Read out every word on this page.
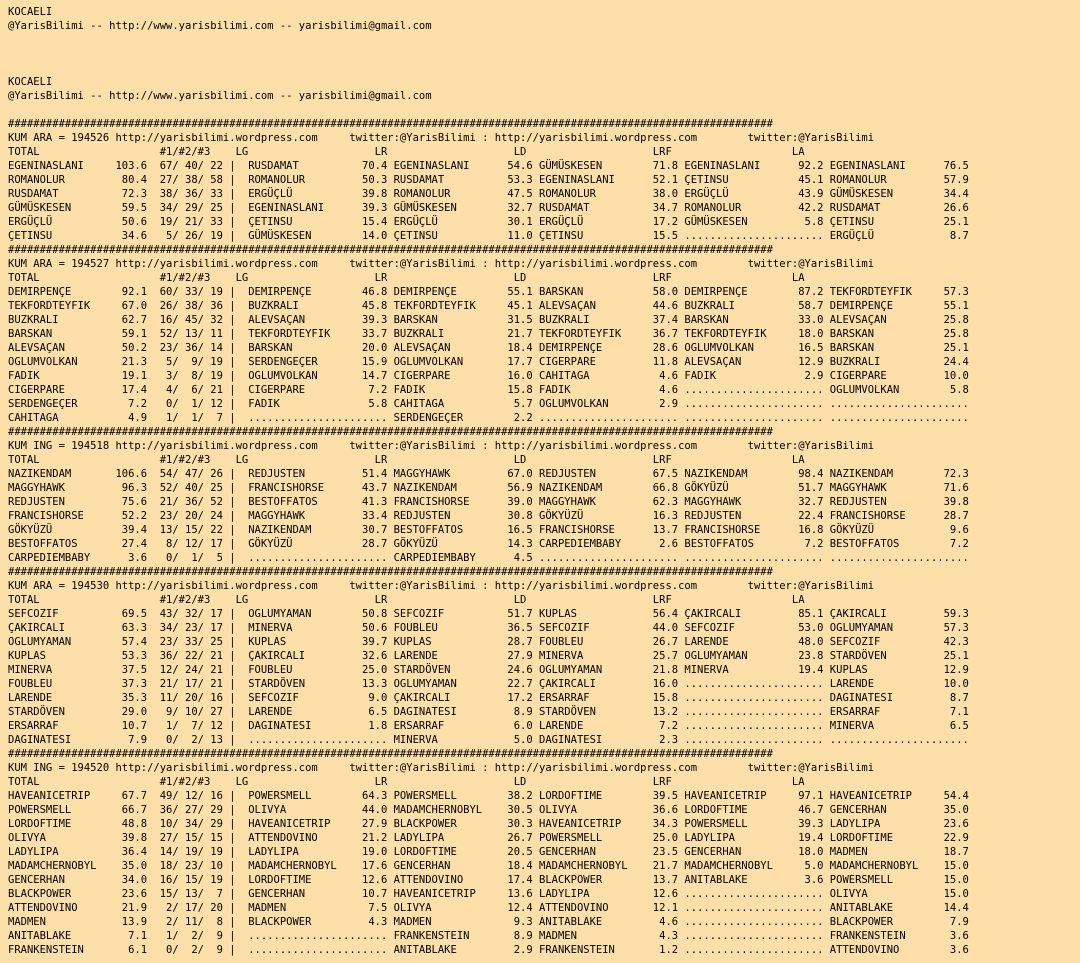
KOCAELI
@YarisBilimi -- http://www.yarisbilimi.com -- yarisbilimi@gmail.com
KOCAELI
@YarisBilimi -- http://www.yarisbilimi.com -- yarisbilimi@gmail.com
#########################################################################################################################
KUM ARA = 194526 http://yarisbilimi.wordpress.com     twitter:@YarisBilimi : http://yarisbilimi.wordpress.com        twitter:@YarisBilimi
TOTAL                   #1/#2/#3    LG                    LR                    LD                    LRF                   LA
EGENINASLANI     103.6  67/ 40/ 22 |  RUSDAMAT          70.4 EGENINASLANI      54.6 GÜMÜSKESEN        71.8 EGENINASLANI      92.2 EGENINASLANI      76.5
ROMANOLUR         80.4  27/ 38/ 58 |  ROMANOLUR         50.3 RUSDAMAT          53.3 EGENINASLANI      52.1 ÇETINSU           45.1 ROMANOLUR         57.9
RUSDAMAT          72.3  38/ 36/ 33 |  ERGÜÇLÜ           39.8 ROMANOLUR         47.5 ROMANOLUR         38.0 ERGÜÇLÜ           43.9 GÜMÜSKESEN        34.4
GÜMÜSKESEN        59.5  34/ 29/ 25 |  EGENINASLANI      39.3 GÜMÜSKESEN        32.7 RUSDAMAT          34.7 ROMANOLUR         42.2 RUSDAMAT          26.6
ERGÜÇLÜ           50.6  19/ 21/ 33 |  ÇETINSU           15.4 ERGÜÇLÜ           30.1 ERGÜÇLÜ           17.2 GÜMÜSKESEN         5.8 ÇETINSU           25.1
ÇETINSU           34.6   5/ 26/ 19 |  GÜMÜSKESEN        14.0 ÇETINSU           11.0 ÇETINSU           15.5 ...................... ERGÜÇLÜ            8.7
#########################################################################################################################
KUM ARA = 194527 http://yarisbilimi.wordpress.com     twitter:@YarisBilimi : http://yarisbilimi.wordpress.com        twitter:@YarisBilimi
TOTAL                   #1/#2/#3    LG                    LR                    LD                    LRF                   LA
DEMIRPENÇE        92.1  60/ 33/ 19 |  DEMIRPENÇE        46.8 DEMIRPENÇE        55.1 BARSKAN           58.0 DEMIRPENÇE        87.2 TEKFORDTEYFIK     57.3
TEKFORDTEYFIK     67.0  26/ 38/ 36 |  BUZKRALI          45.8 TEKFORDTEYFIK     45.1 ALEVSAÇAN         44.6 BUZKRALI          58.7 DEMIRPENÇE        55.1
BUZKRALI          62.7  16/ 45/ 32 |  ALEVSAÇAN         39.3 BARSKAN           31.5 BUZKRALI          37.4 BARSKAN           33.0 ALEVSAÇAN         25.8
BARSKAN           59.1  52/ 13/ 11 |  TEKFORDTEYFIK     33.7 BUZKRALI          21.7 TEKFORDTEYFIK     36.7 TEKFORDTEYFIK     18.0 BARSKAN           25.8
ALEVSAÇAN         50.2  23/ 36/ 14 |  BARSKAN           20.0 ALEVSAÇAN         18.4 DEMIRPENÇE        28.6 OGLUMVOLKAN       16.5 BARSKAN           25.1
OGLUMVOLKAN       21.3   5/  9/ 19 |  SERDENGEÇER       15.9 OGLUMVOLKAN       17.7 CIGERPARE         11.8 ALEVSAÇAN         12.9 BUZKRALI          24.4
FADIK             19.1   3/  8/ 19 |  OGLUMVOLKAN       14.7 CIGERPARE         16.0 CAHITAGA           4.6 FADIK              2.9 CIGERPARE         10.0
CIGERPARE         17.4   4/  6/ 21 |  CIGERPARE          7.2 FADIK             15.8 FADIK              4.6 ...................... OGLUMVOLKAN        5.8
SERDENGEÇER        7.2   0/  1/ 12 |  FADIK              5.8 CAHITAGA           5.7 OGLUMVOLKAN        2.9 ...................... ......................
CAHITAGA           4.9   1/  1/  7 |  ...................... SERDENGEÇER        2.2 ...................... ...................... ......................
#########################################################################################################################
KUM ING = 194518 http://yarisbilimi.wordpress.com     twitter:@YarisBilimi : http://yarisbilimi.wordpress.com        twitter:@YarisBilimi
TOTAL                   #1/#2/#3    LG                    LR                    LD                    LRF                   LA
NAZIKENDAM       106.6  54/ 47/ 26 |  REDJUSTEN         51.4 MAGGYHAWK         67.0 REDJUSTEN         67.5 NAZIKENDAM        98.4 NAZIKENDAM        72.3
MAGGYHAWK         96.3  52/ 40/ 25 |  FRANCISHORSE      43.7 NAZIKENDAM        56.9 NAZIKENDAM        66.8 GÖKYÜZÜ           51.7 MAGGYHAWK         71.6
REDJUSTEN         75.6  21/ 36/ 52 |  BESTOFFATOS       41.3 FRANCISHORSE      39.0 MAGGYHAWK         62.3 MAGGYHAWK         32.7 REDJUSTEN         39.8
FRANCISHORSE      52.2  23/ 20/ 24 |  MAGGYHAWK         33.4 REDJUSTEN         30.8 GÖKYÜZÜ           16.3 REDJUSTEN         22.4 FRANCISHORSE      28.7
GÖKYÜZÜ           39.4  13/ 15/ 22 |  NAZIKENDAM        30.7 BESTOFFATOS       16.5 FRANCISHORSE      13.7 FRANCISHORSE      16.8 GÖKYÜZÜ            9.6
BESTOFFATOS       27.4   8/ 12/ 17 |  GÖKYÜZÜ           28.7 GÖKYÜZÜ           14.3 CARPEDIEMBABY      2.6 BESTOFFATOS        7.2 BESTOFFATOS        7.2
CARPEDIEMBABY      3.6   0/  1/  5 |  ...................... CARPEDIEMBABY      4.5 ...................... ...................... ......................
#########################################################################################################################
KUM ARA = 194530 http://yarisbilimi.wordpress.com     twitter:@YarisBilimi : http://yarisbilimi.wordpress.com        twitter:@YarisBilimi
TOTAL                   #1/#2/#3    LG                    LR                    LD                    LRF                   LA
SEFCOZIF          69.5  43/ 32/ 17 |  OGLUMYAMAN        50.8 SEFCOZIF          51.7 KUPLAS            56.4 ÇAKIRCALI         85.1 ÇAKIRCALI         59.3
ÇAKIRCALI         63.3  34/ 23/ 17 |  MINERVA           50.6 FOUBLEU           36.5 SEFCOZIF          44.0 SEFCOZIF          53.0 OGLUMYAMAN        57.3
OGLUMYAMAN        57.4  23/ 33/ 25 |  KUPLAS            39.7 KUPLAS            28.7 FOUBLEU           26.7 LARENDE           48.0 SEFCOZIF          42.3
KUPLAS            53.3  36/ 22/ 21 |  ÇAKIRCALI         32.6 LARENDE           27.9 MINERVA           25.7 OGLUMYAMAN        23.8 STARDÖVEN         25.1
MINERVA           37.5  12/ 24/ 21 |  FOUBLEU           25.0 STARDÖVEN         24.6 OGLUMYAMAN        21.8 MINERVA           19.4 KUPLAS            12.9
FOUBLEU           37.3  21/ 17/ 21 |  STARDÖVEN         13.3 OGLUMYAMAN        22.7 ÇAKIRCALI         16.0 ...................... LARENDE           10.0
LARENDE           35.3  11/ 20/ 16 |  SEFCOZIF           9.0 ÇAKIRCALI         17.2 ERSARRAF          15.8 ...................... DAGINATESI         8.7
STARDÖVEN         29.0   9/ 10/ 27 |  LARENDE            6.5 DAGINATESI         8.9 STARDÖVEN         13.2 ...................... ERSARRAF           7.1
ERSARRAF          10.7   1/  7/ 12 |  DAGINATESI         1.8 ERSARRAF           6.0 LARENDE            7.2 ...................... MINERVA            6.5
DAGINATESI         7.9   0/  2/ 13 |  ...................... MINERVA            5.0 DAGINATESI         2.3 ...................... ......................
#########################################################################################################################
KUM ING = 194520 http://yarisbilimi.wordpress.com     twitter:@YarisBilimi : http://yarisbilimi.wordpress.com        twitter:@YarisBilimi
TOTAL                   #1/#2/#3    LG                    LR                    LD                    LRF                   LA
HAVEANICETRIP     67.7  49/ 12/ 16 |  POWERSMELL        64.3 POWERSMELL        38.2 LORDOFTIME        39.5 HAVEANICETRIP     97.1 HAVEANICETRIP     54.4
POWERSMELL        66.7  36/ 27/ 29 |  OLIVYA            44.0 MADAMCHERNOBYL    30.5 OLIVYA            36.6 LORDOFTIME        46.7 GENCERHAN         35.0
LORDOFTIME        48.8  10/ 34/ 29 |  HAVEANICETRIP     27.9 BLACKPOWER        30.3 HAVEANICETRIP     34.3 POWERSMELL        39.3 LADYLIPA          23.6
OLIVYA            39.8  27/ 15/ 15 |  ATTENDOVINO       21.2 LADYLIPA          26.7 POWERSMELL        25.0 LADYLIPA          19.4 LORDOFTIME        22.9
LADYLIPA          36.4  14/ 19/ 19 |  LADYLIPA          19.0 LORDOFTIME        20.5 GENCERHAN         23.5 GENCERHAN         18.0 MADMEN            18.7
MADAMCHERNOBYL    35.0  18/ 23/ 10 |  MADAMCHERNOBYL    17.6 GENCERHAN         18.4 MADAMCHERNOBYL    21.7 MADAMCHERNOBYL     5.0 MADAMCHERNOBYL    15.0
GENCERHAN         34.0  16/ 15/ 19 |  LORDOFTIME        12.6 ATTENDOVINO       17.4 BLACKPOWER        13.7 ANITABLAKE         3.6 POWERSMELL        15.0
BLACKPOWER        23.6  15/ 13/  7 |  GENCERHAN         10.7 HAVEANICETRIP     13.6 LADYLIPA          12.6 ...................... OLIVYA            15.0
ATTENDOVINO       21.9   2/ 17/ 20 |  MADMEN             7.5 OLIVYA            12.4 ATTENDOVINO       12.1 ...................... ANITABLAKE        14.4
MADMEN            13.9   2/ 11/  8 |  BLACKPOWER         4.3 MADMEN             9.3 ANITABLAKE         4.6 ...................... BLACKPOWER         7.9
ANITABLAKE         7.1   1/  2/  9 |  ...................... FRANKENSTEIN       8.9 MADMEN             4.3 ...................... FRANKENSTEIN       3.6
FRANKENSTEIN       6.1   0/  2/  9 |  ...................... ANITABLAKE         2.9 FRANKENSTEIN       1.2 ...................... ATTENDOVINO        3.6
